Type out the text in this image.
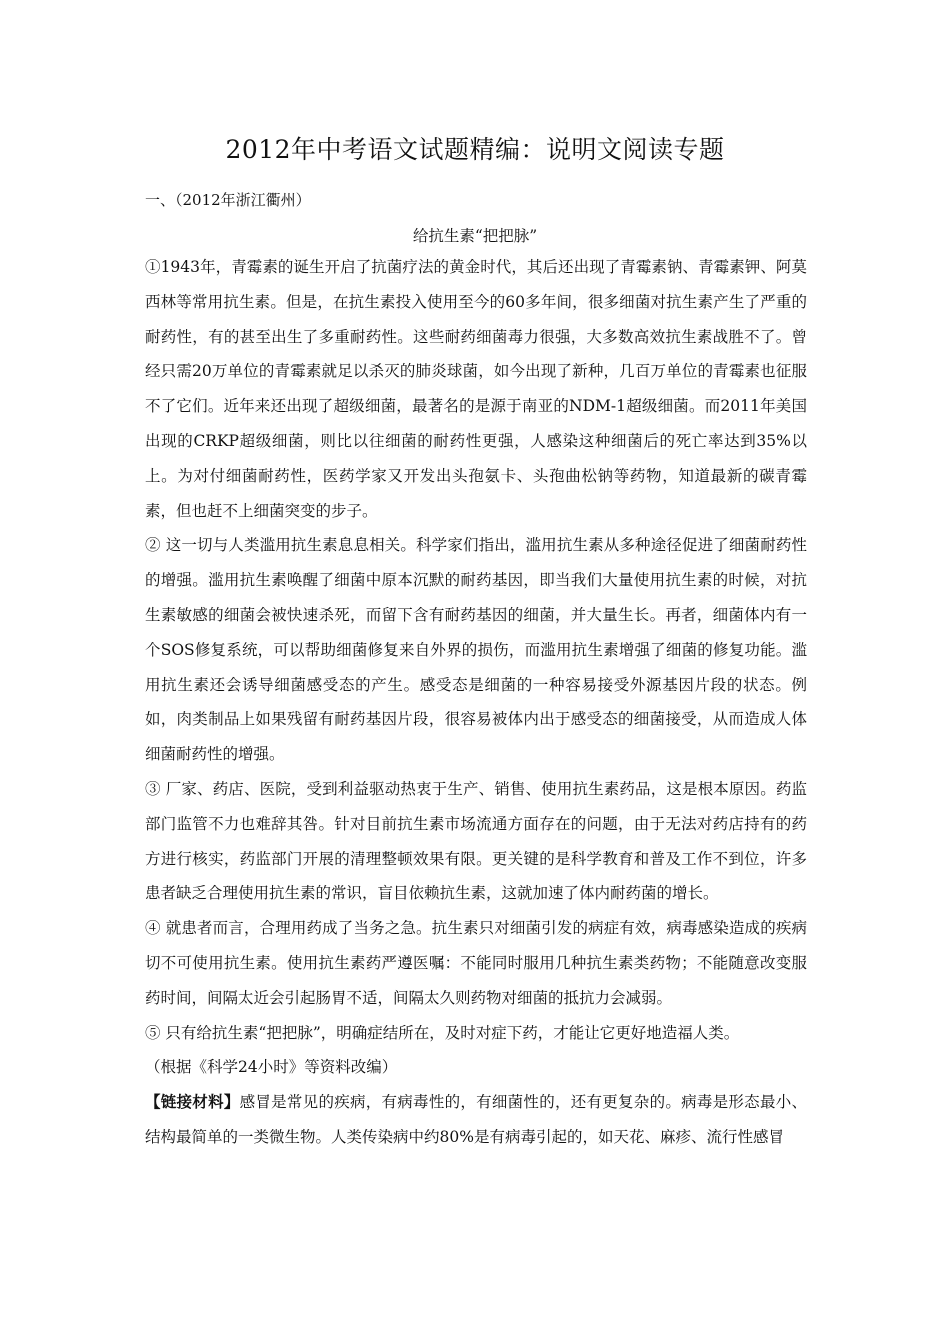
2012年中考语文试题精编：说明文阅读专题
一、（2012年浙江衢州）
给抗生素“把把脉”

①1943年，青霉素的诞生开启了抗菌疗法的黄金时代，其后还出现了青霉素钠、青霉素钾、阿莫西林等常用抗生素。但是，在抗生素投入使用至今的60多年间，很多细菌对抗生素产生了严重的耐药性，有的甚至出生了多重耐药性。这些耐药细菌毒力很强，大多数高效抗生素战胜不了。曾经只需20万单位的青霉素就足以杀灭的肺炎球菌，如今出现了新种，几百万单位的青霉素也征服不了它们。近年来还出现了超级细菌，最著名的是源于南亚的NDM-1超级细菌。而2011年美国出现的CRKP超级细菌，则比以往细菌的耐药性更强，人感染这种细菌后的死亡率达到35%以上。为对付细菌耐药性，医药学家又开发出头孢氨卡、头孢曲松钠等药物，知道最新的碳青霉素，但也赶不上细菌突变的步子。

② 这一切与人类滥用抗生素息息相关。科学家们指出，滥用抗生素从多种途径促进了细菌耐药性的增强。滥用抗生素唤醒了细菌中原本沉默的耐药基因，即当我们大量使用抗生素的时候，对抗生素敏感的细菌会被快速杀死，而留下含有耐药基因的细菌，并大量生长。再者，细菌体内有一个SOS修复系统，可以帮助细菌修复来自外界的损伤，而滥用抗生素增强了细菌的修复功能。滥用抗生素还会诱导细菌感受态的产生。感受态是细菌的一种容易接受外源基因片段的状态。例如，肉类制品上如果残留有耐药基因片段，很容易被体内出于感受态的细菌接受，从而造成人体细菌耐药性的增强。

③ 厂家、药店、医院，受到利益驱动热衷于生产、销售、使用抗生素药品，这是根本原因。药监部门监管不力也难辞其咎。针对目前抗生素市场流通方面存在的问题，由于无法对药店持有的药方进行核实，药监部门开展的清理整顿效果有限。更关键的是科学教育和普及工作不到位，许多患者缺乏合理使用抗生素的常识，盲目依赖抗生素，这就加速了体内耐药菌的增长。

④ 就患者而言，合理用药成了当务之急。抗生素只对细菌引发的病症有效，病毒感染造成的疾病切不可使用抗生素。使用抗生素药严遵医嘱：不能同时服用几种抗生素类药物；不能随意改变服药时间，间隔太近会引起肠胃不适，间隔太久则药物对细菌的抵抗力会减弱。

⑤ 只有给抗生素“把把脉”，明确症结所在，及时对症下药，才能让它更好地造福人类。

（根据《科学24小时》等资料改编）

【链接材料】感冒是常见的疾病，有病毒性的，有细菌性的，还有更复杂的。病毒是形态最小、结构最简单的一类微生物。人类传染病中约80%是有病毒引起的，如天花、麻疹、流行性感冒
